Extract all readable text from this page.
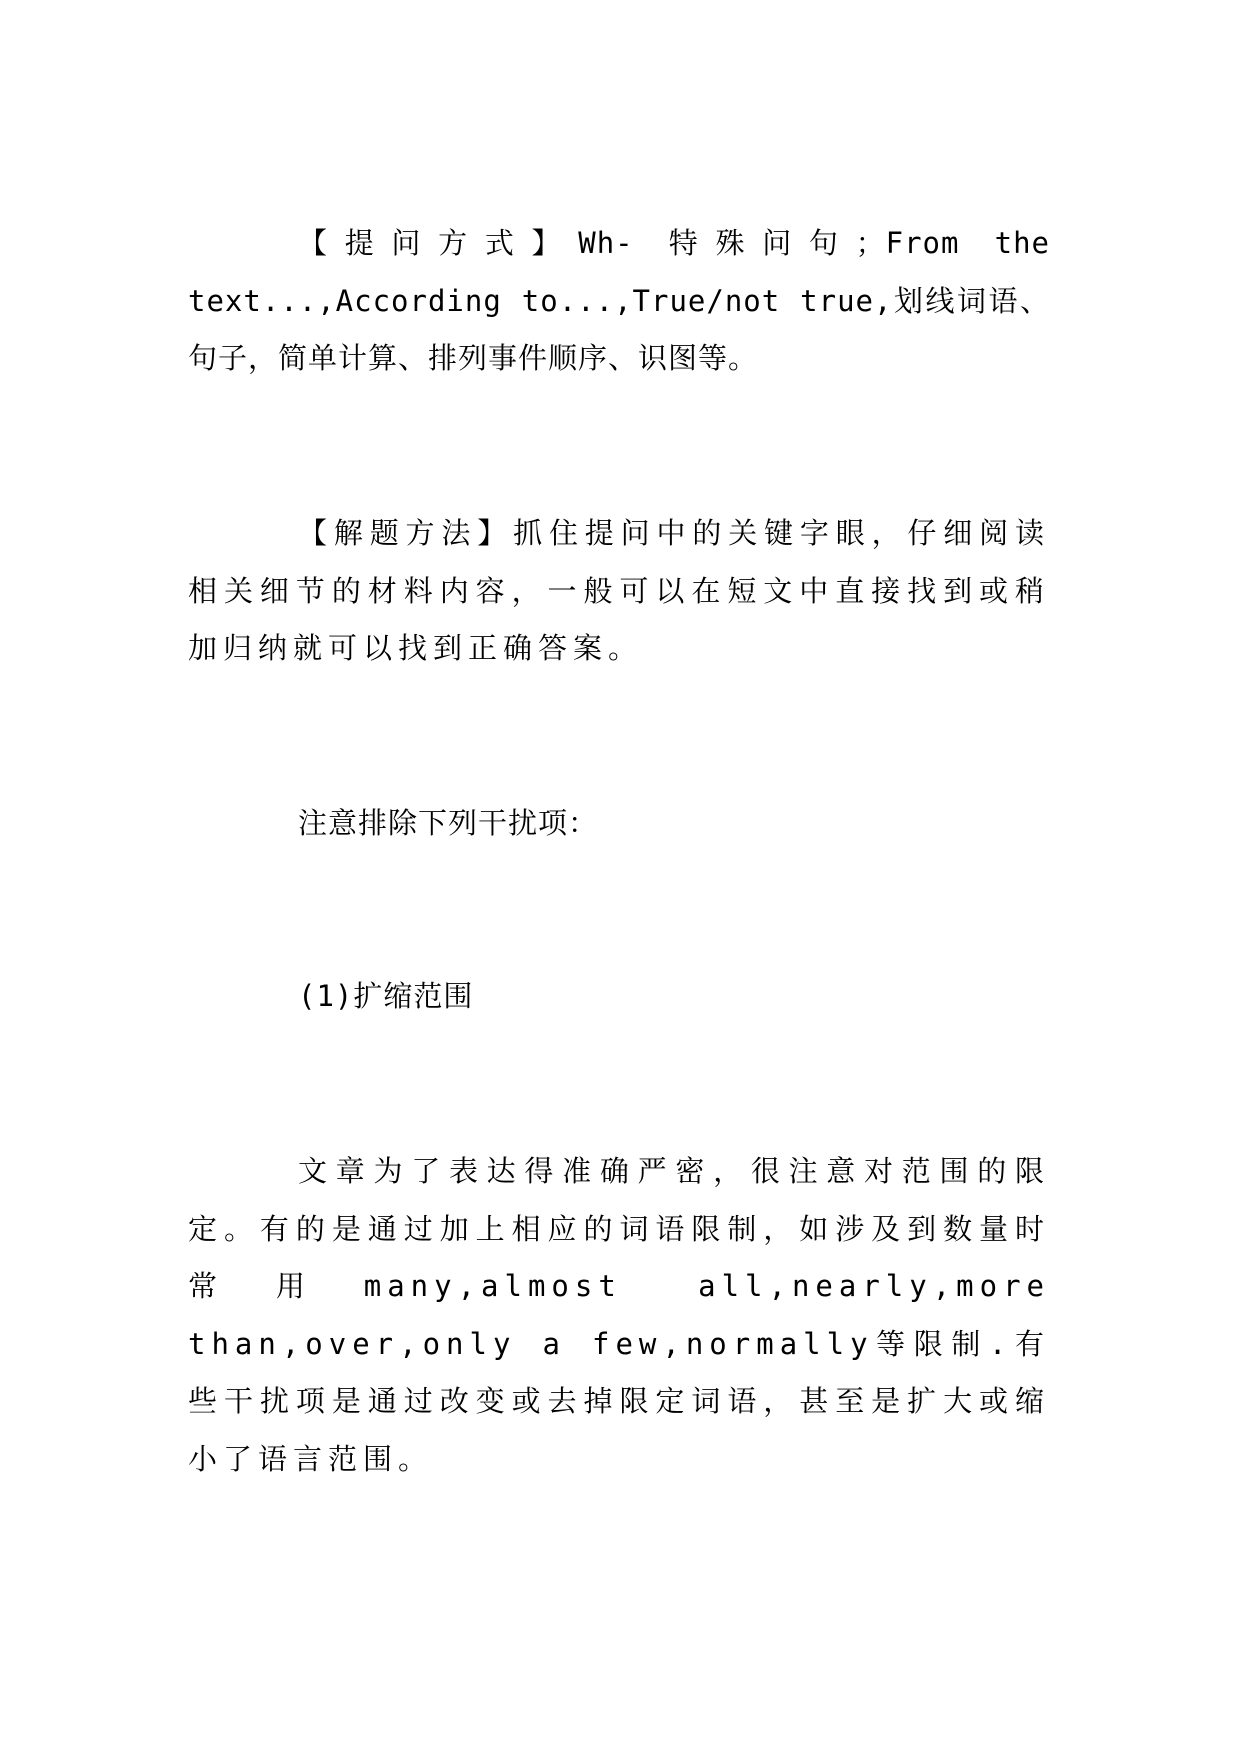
【提问方式】Wh- 特殊问句；From the text...,According to...,True/not true,划线词语、句子，简单计算、排列事件顺序、识图等。

【解题方法】抓住提问中的关键字眼，仔细阅读相关细节的材料内容，一般可以在短文中直接找到或稍加归纳就可以找到正确答案。

注意排除下列干扰项：

(1)扩缩范围

文章为了表达得准确严密，很注意对范围的限定。有的是通过加上相应的词语限制，如涉及到数量时常用many,almost all,nearly,more than,over,only a few,normally等限制.有些干扰项是通过改变或去掉限定词语，甚至是扩大或缩小了语言范围。
